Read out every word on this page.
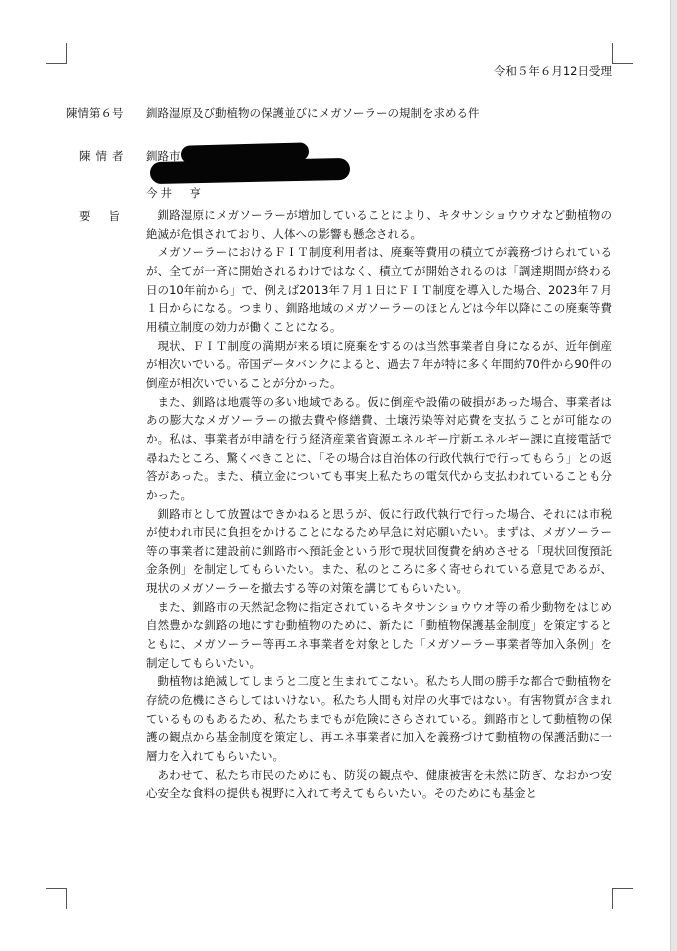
令和５年６月12日受理
陳情第６号 釧路湿原及び動植物の保護並びにメガソーラーの規制を求める件
陳情者 釧路市
今井　亨
要旨	釧路湿原にメガソーラーが増加していることにより、キタサンショウウオなど動植物の絶滅が危惧されており、人体への影響も懸念される。

メガソーラーにおけるＦＩＴ制度利用者は、廃棄等費用の積立てが義務づけられているが、全てが一斉に開始されるわけではなく、積立てが開始されるのは「調達期間が終わる日の10年前から」で、例えば2013年７月１日にＦＩＴ制度を導入した場合、2023年７月１日からになる。つまり、釧路地域のメガソーラーのほとんどは今年以降にこの廃棄等費用積立制度の効力が働くことになる。

現状、ＦＩＴ制度の満期が来る頃に廃棄をするのは当然事業者自身になるが、近年倒産が相次いでいる。帝国データバンクによると、過去７年が特に多く年間約70件から90件の倒産が相次いでいることが分かった。

また、釧路は地震等の多い地域である。仮に倒産や設備の破損があった場合、事業者はあの膨大なメガソーラーの撤去費や修繕費、土壌汚染等対応費を支払うことが可能なのか。私は、事業者が申請を行う経済産業省資源エネルギー庁新エネルギー課に直接電話で尋ねたところ、驚くべきことに、「その場合は自治体の行政代執行で行ってもらう」との返答があった。また、積立金についても事実上私たちの電気代から支払われていることも分かった。

釧路市として放置はできかねると思うが、仮に行政代執行で行った場合、それには市税が使われ市民に負担をかけることになるため早急に対応願いたい。まずは、メガソーラー等の事業者に建設前に釧路市へ預託金という形で現状回復費を納めさせる「現状回復預託金条例」を制定してもらいたい。また、私のところに多く寄せられている意見であるが、現状のメガソーラーを撤去する等の対策を講じてもらいたい。

また、釧路市の天然記念物に指定されているキタサンショウウオ等の希少動物をはじめ自然豊かな釧路の地にすむ動植物のために、新たに「動植物保護基金制度」を策定するとともに、メガソーラー等再エネ事業者を対象とした「メガソーラー事業者等加入条例」を制定してもらいたい。

動植物は絶滅してしまうと二度と生まれてこない。私たち人間の勝手な都合で動植物を存続の危機にさらしてはいけない。私たち人間も対岸の火事ではない。有害物質が含まれているものもあるため、私たちまでもが危険にさらされている。釧路市として動植物の保護の観点から基金制度を策定し、再エネ事業者に加入を義務づけて動植物の保護活動に一層力を入れてもらいたい。

あわせて、私たち市民のためにも、防災の観点や、健康被害を未然に防ぎ、なおかつ安心安全な食料の提供も視野に入れて考えてもらいたい。そのためにも基金と
